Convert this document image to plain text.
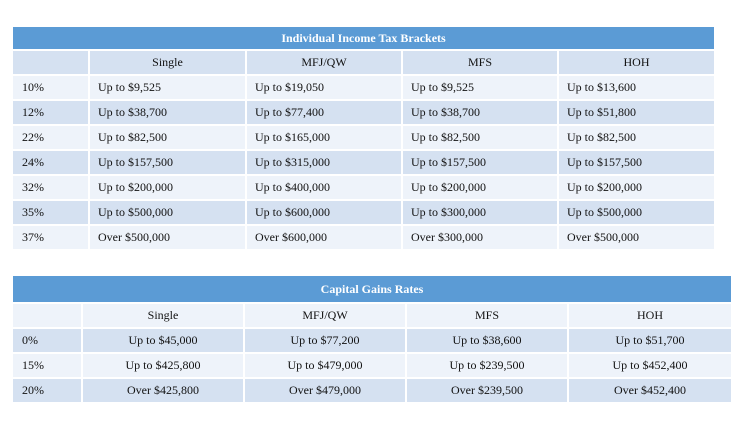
Individual Income Tax Brackets				
	Single	MFJ/QW	MFS	HOH
10%	Up to $9,525	Up to $19,050	Up to $9,525	Up to $13,600
12%	Up to $38,700	Up to $77,400	Up to $38,700	Up to $51,800
22%	Up to $82,500	Up to $165,000	Up to $82,500	Up to $82,500
24%	Up to $157,500	Up to $315,000	Up to $157,500	Up to $157,500
32%	Up to $200,000	Up to $400,000	Up to $200,000	Up to $200,000
35%	Up to $500,000	Up to $600,000	Up to $300,000	Up to $500,000
37%	Over $500,000	Over $600,000	Over $300,000	Over $500,000
Capital Gains Rates				
	Single	MFJ/QW	MFS	HOH
0%	Up to $45,000	Up to $77,200	Up to $38,600	Up to $51,700
15%	Up to $425,800	Up to $479,000	Up to $239,500	Up to $452,400
20%	Over $425,800	Over $479,000	Over $239,500	Over $452,400
